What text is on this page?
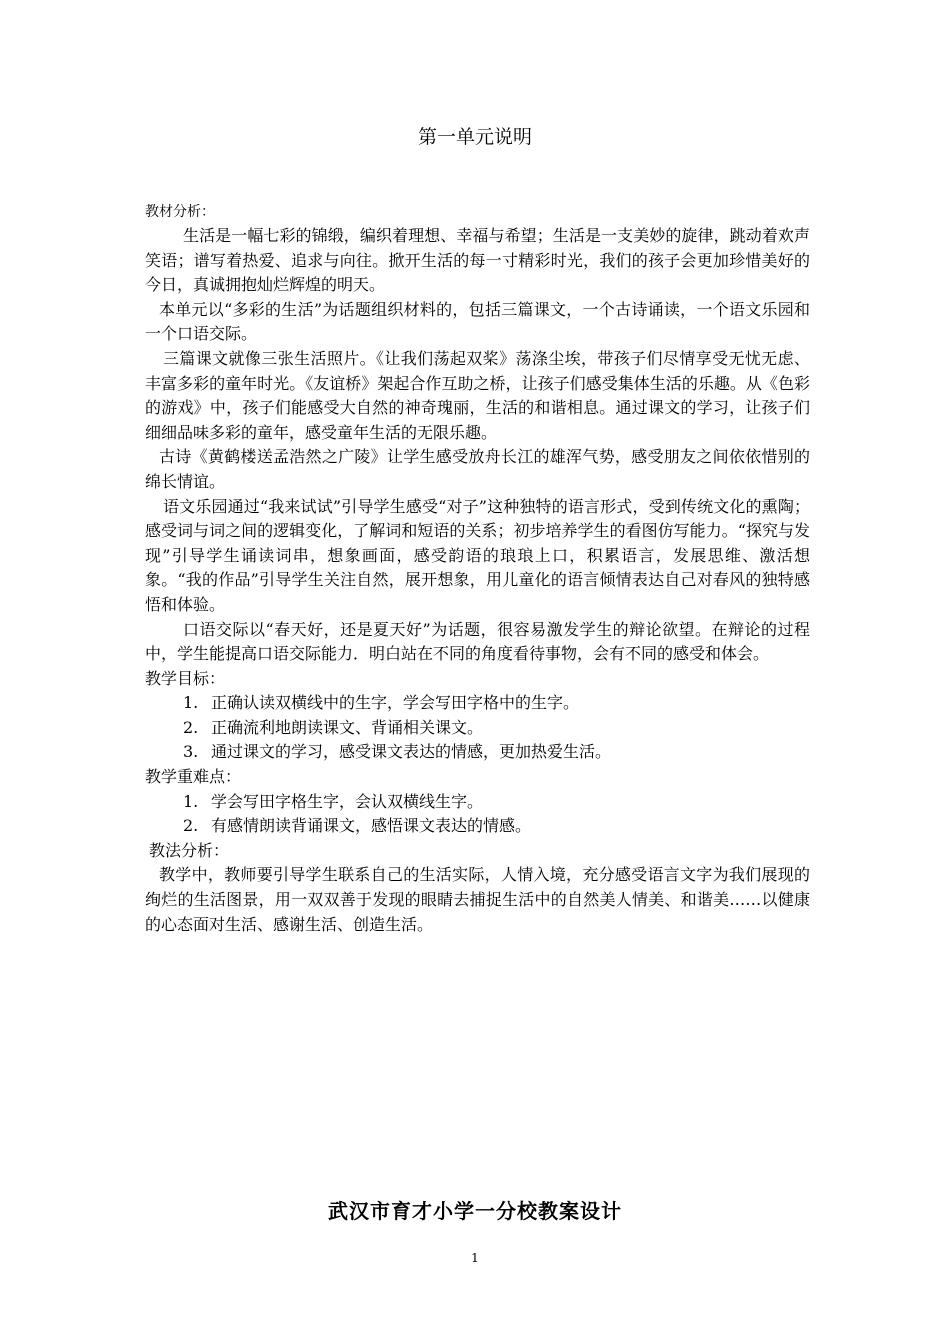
第一单元说明

教材分析：

生活是一幅七彩的锦缎，编织着理想、幸福与希望；生活是一支美妙的旋律，跳动着欢声笑语；谱写着热爱、追求与向往。掀开生活的每一寸精彩时光，我们的孩子会更加珍惜美好的今日，真诚拥抱灿烂辉煌的明天。

本单元以“多彩的生活”为话题组织材料的，包括三篇课文，一个古诗诵读，一个语文乐园和一个口语交际。

三篇课文就像三张生活照片。《让我们荡起双桨》荡涤尘埃，带孩子们尽情享受无忧无虑、丰富多彩的童年时光。《友谊桥》架起合作互助之桥，让孩子们感受集体生活的乐趣。从《色彩的游戏》中，孩子们能感受大自然的神奇瑰丽，生活的和谐相息。通过课文的学习，让孩子们细细品味多彩的童年，感受童年生活的无限乐趣。

古诗《黄鹤楼送孟浩然之广陵》让学生感受放舟长江的雄浑气势，感受朋友之间依依惜别的绵长情谊。

语文乐园通过“我来试试”引导学生感受“对子”这种独特的语言形式，受到传统文化的熏陶；感受词与词之间的逻辑变化，了解词和短语的关系；初步培养学生的看图仿写能力。“探究与发现”引导学生诵读词串，想象画面，感受韵语的琅琅上口，积累语言，发展思维、激活想象。“我的作品”引导学生关注自然，展开想象，用儿童化的语言倾情表达自己对春风的独特感悟和体验。

口语交际以“春天好，还是夏天好”为话题，很容易激发学生的辩论欲望。在辩论的过程中，学生能提高口语交际能力．明白站在不同的角度看待事物，会有不同的感受和体会。

教学目标：

1. 正确认读双横线中的生字，学会写田字格中的生字。
2. 正确流利地朗读课文、背诵相关课文。
3. 通过课文的学习，感受课文表达的情感，更加热爱生活。

教学重难点：

1. 学会写田字格生字，会认双横线生字。
2. 有感情朗读背诵课文，感悟课文表达的情感。

教法分析：

教学中，教师要引导学生联系自己的生活实际，人情入境，充分感受语言文字为我们展现的绚烂的生活图景，用一双双善于发现的眼睛去捕捉生活中的自然美人情美、和谐美……以健康的心态面对生活、感谢生活、创造生活。

武汉市育才小学一分校教案设计
1
